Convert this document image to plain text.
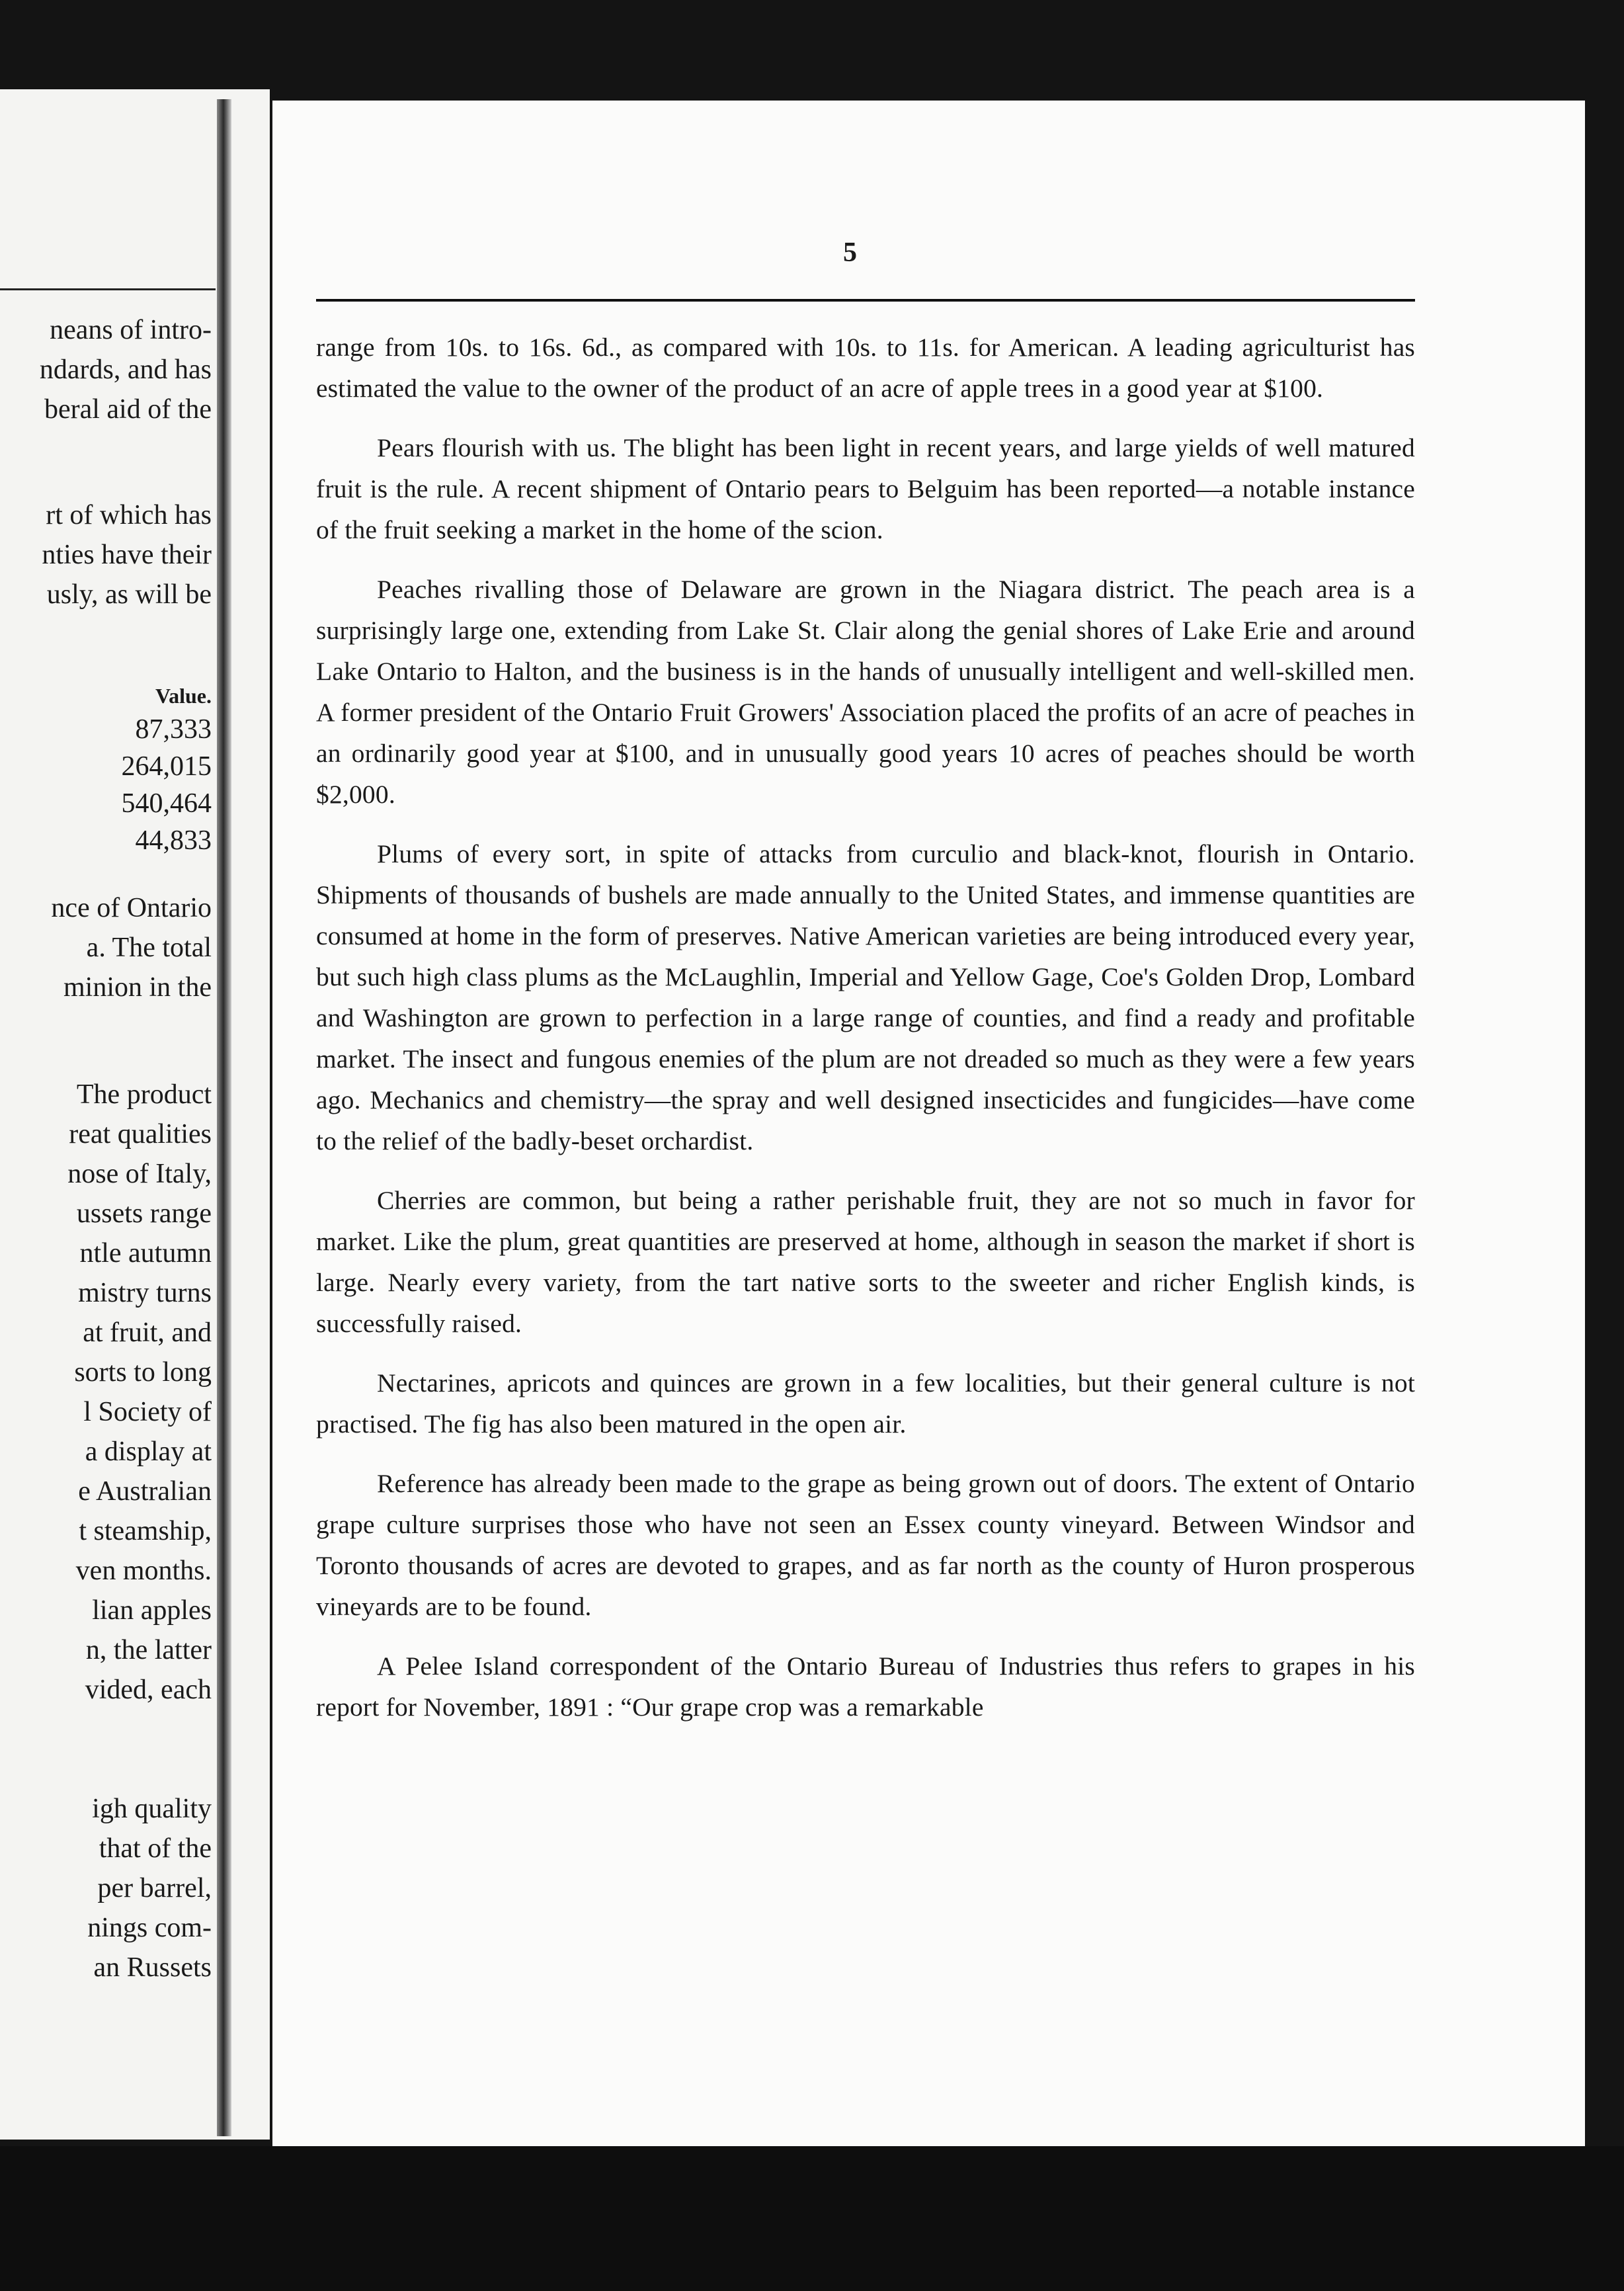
neans of intro-
ndards, and has
beral aid of the
rt of which has
nties have their
usly, as will be
Value.
87,333
264,015
540,464
44,833
nce of Ontario
a. The total
minion in the
The product
reat qualities
nose of Italy,
ussets range
ntle autumn
mistry turns
at fruit, and
sorts to long
l Society of
a display at
e Australian
t steamship,
ven months.
lian apples
n, the latter
vided, each
igh quality
that of the
per barrel,
nings com-
an Russets
5

range from 10s. to 16s. 6d., as compared with 10s. to 11s. for American. A leading agriculturist has estimated the value to the owner of the product of an acre of apple trees in a good year at $100.

Pears flourish with us. The blight has been light in recent years, and large yields of well matured fruit is the rule. A recent shipment of Ontario pears to Belguim has been reported—a notable instance of the fruit seeking a market in the home of the scion.

Peaches rivalling those of Delaware are grown in the Niagara district. The peach area is a surprisingly large one, extending from Lake St. Clair along the genial shores of Lake Erie and around Lake Ontario to Halton, and the business is in the hands of unusually intelligent and well-skilled men. A former president of the Ontario Fruit Growers' Association placed the profits of an acre of peaches in an ordinarily good year at $100, and in unusually good years 10 acres of peaches should be worth $2,000.

Plums of every sort, in spite of attacks from curculio and black-knot, flourish in Ontario. Shipments of thousands of bushels are made annually to the United States, and immense quantities are consumed at home in the form of preserves. Native American varieties are being introduced every year, but such high class plums as the McLaughlin, Imperial and Yellow Gage, Coe's Golden Drop, Lombard and Washington are grown to perfection in a large range of counties, and find a ready and profitable market. The insect and fungous enemies of the plum are not dreaded so much as they were a few years ago. Mechanics and chemistry—the spray and well designed insecticides and fungicides—have come to the relief of the badly-beset orchardist.

Cherries are common, but being a rather perishable fruit, they are not so much in favor for market. Like the plum, great quantities are preserved at home, although in season the market if short is large. Nearly every variety, from the tart native sorts to the sweeter and richer English kinds, is successfully raised.

Nectarines, apricots and quinces are grown in a few localities, but their general culture is not practised. The fig has also been matured in the open air.

Reference has already been made to the grape as being grown out of doors. The extent of Ontario grape culture surprises those who have not seen an Essex county vineyard. Between Windsor and Toronto thousands of acres are devoted to grapes, and as far north as the county of Huron prosperous vineyards are to be found.

A Pelee Island correspondent of the Ontario Bureau of Industries thus refers to grapes in his report for November, 1891 : “Our grape crop was a remarkable
